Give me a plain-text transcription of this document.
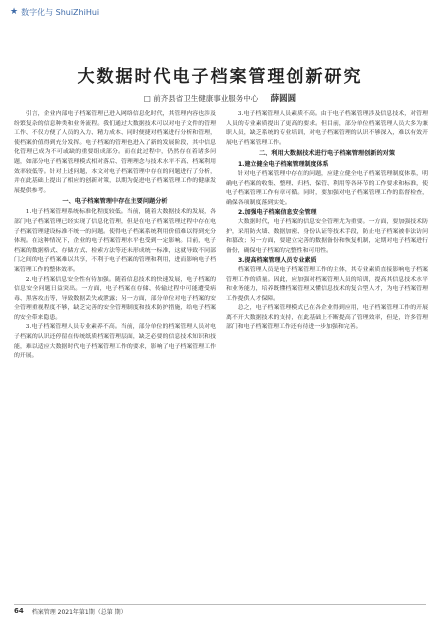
★ 数字化与 ShuiZhiHui
大数据时代电子档案管理创新研究
□ 前齐县省卫生健康事业服务中心 薛圆圆

引言，企业内部电子档案管理已进入网络信息化时代，其管理内容也涉及纷繁复杂的信息种类和业务流程。我们通过大数据技术可以对电子文件的管理工作、不仅方便了人员的入力、精力成本、同时便捷对档案进行分析和管理，使档案价值得到充分发挥。电子档案的管理也进入了新的发展阶段，其中信息化管理已成为不可或缺的重要组成部分。而在此过程中，仍然存在着诸多问题，如部分电子档案管理模式相对落后、管理理念与技术水平不高、档案利用效率较低等。针对上述问题，本文对电子档案管理中存在的问题进行了分析，并在此基础上提出了相应的创新对策，以期为促进电子档案管理工作的健康发展提供参考。

一、电子档案管理中存在主要问题分析

1.电子档案管理系统标准化程度较低。当前，随着大数据技术的发展，各部门电子档案管理已经实现了信息化管理，但是在电子档案管理过程中存在电子档案管理建设标准不统一的问题。使得电子档案系统利用价值难以得到充分体现。在这种情况下，企业的电子档案管理水平也受到一定影响。目前，电子档案的数据格式、存储方式、检索方法等还未形成统一标准，这就导致不同部门之间的电子档案难以共享，不利于电子档案的管理和利用，进而影响电子档案管理工作的整体效率。

2.电子档案信息安全性有待加强。随着信息技术的快速发展，电子档案的信息安全问题日益突出。一方面，电子档案在存储、传输过程中可能遭受病毒、黑客攻击等，导致数据丢失或泄露；另一方面，部分单位对电子档案的安全管理重视程度不够，缺乏完善的安全管理制度和技术防护措施，给电子档案的安全带来隐患。

3.电子档案管理人员专业素养不高。当前，部分单位的档案管理人员对电子档案的认识还停留在传统纸质档案管理层面，缺乏必要的信息技术知识和技能，难以适应大数据时代电子档案管理工作的要求，影响了电子档案管理工作的开展。

3.电子档案管理人员素质不高。由于电子档案管理涉及信息技术，对管理人员的专业素质提出了更高的要求。但目前，部分单位档案管理人员大多为兼职人员，缺乏系统的专业培训，对电子档案管理的认识不够深入，难以有效开展电子档案管理工作。

二、利用大数据技术进行电子档案管理创新的对策
1.建立健全电子档案管理制度体系

针对电子档案管理中存在的问题，应建立健全电子档案管理制度体系，明确电子档案的收集、整理、归档、保管、利用等各环节的工作要求和标准，使电子档案管理工作有章可循。同时，要加强对电子档案管理工作的监督检查，确保各项制度落到实处。

2.加强电子档案信息安全管理

大数据时代，电子档案的信息安全管理尤为重要。一方面，要加强技术防护，采用防火墙、数据加密、身份认证等技术手段，防止电子档案被非法访问和篡改；另一方面，要建立完善的数据备份和恢复机制，定期对电子档案进行备份，确保电子档案的完整性和可用性。

3.提高档案管理人员专业素质

档案管理人员是电子档案管理工作的主体，其专业素质直接影响电子档案管理工作的质量。因此，应加强对档案管理人员的培训，提高其信息技术水平和业务能力，培养既懂档案管理又懂信息技术的复合型人才，为电子档案管理工作提供人才保障。

总之，电子档案管理模式已在各企业得到应用，电子档案管理工作的开展离不开大数据技术的支持，在此基础上不断提高了管理效率，但是，许多管理部门和电子档案管理工作还有待进一步加强和完善。

64 档案管理 2021年第1期（总第 期）
